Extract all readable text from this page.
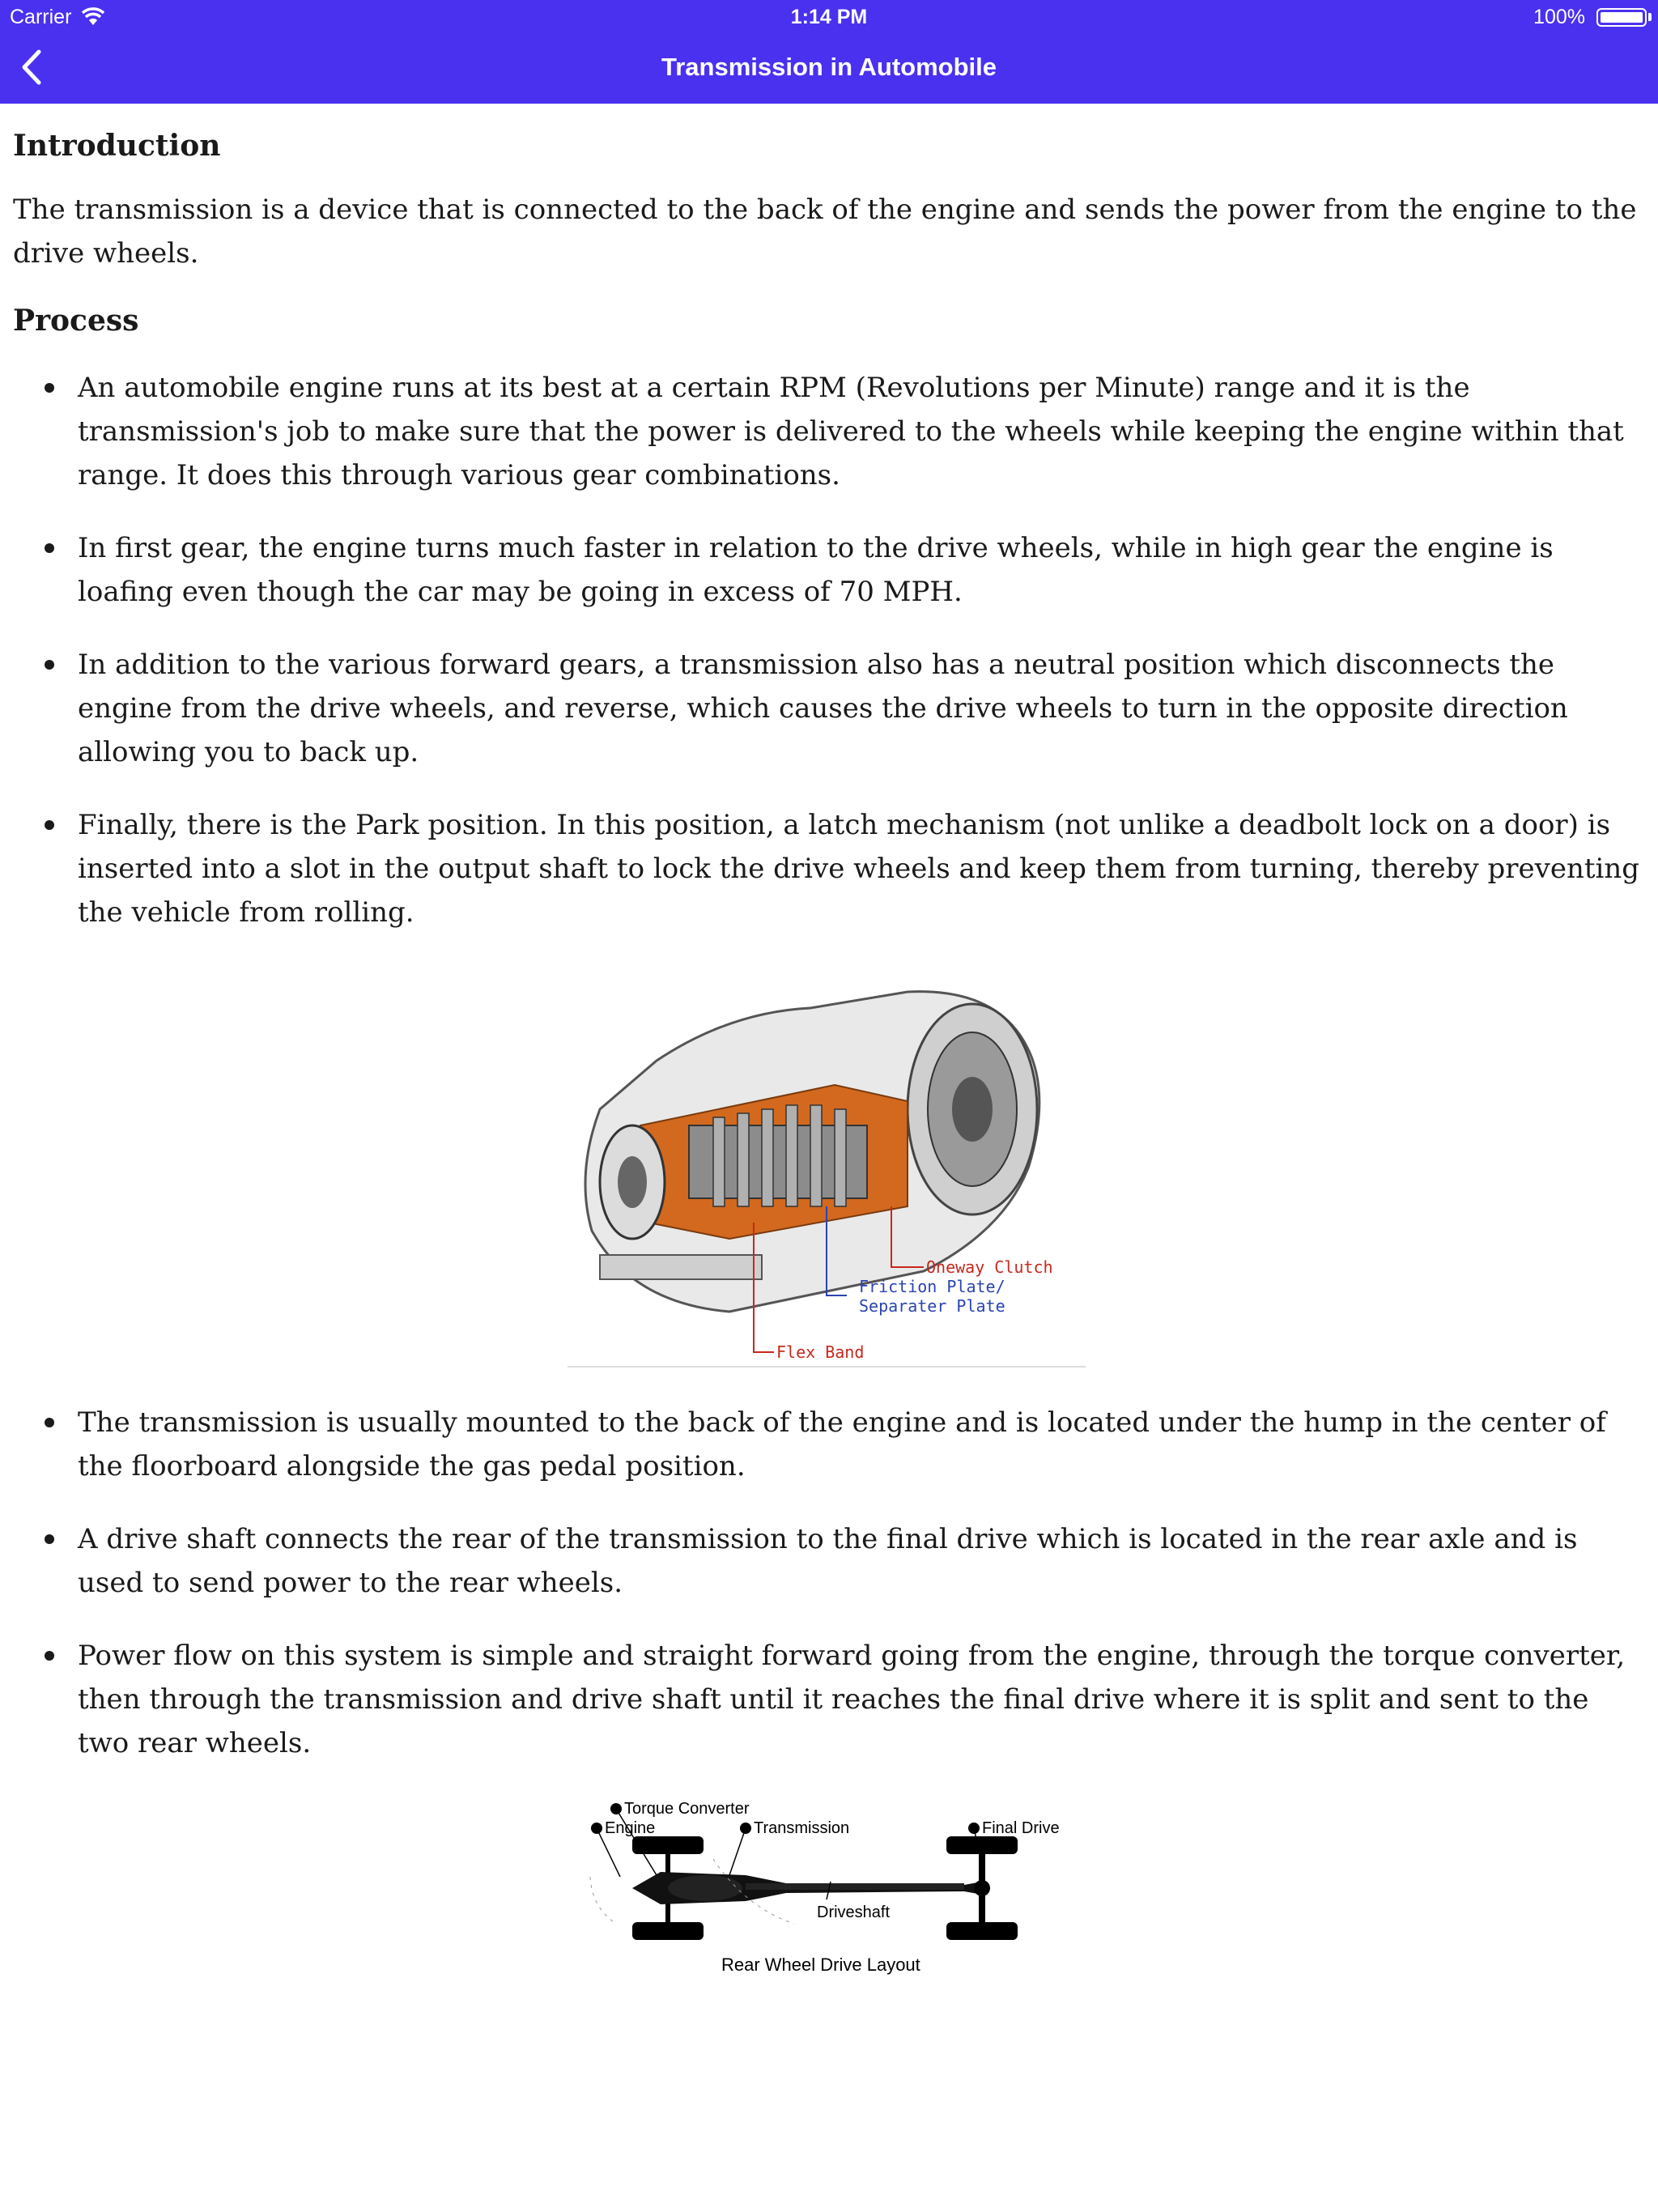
Carrier	1:14 PM	100%
Transmission in Automobile
Introduction

The transmission is a device that is connected to the back of the engine and sends the power from the engine to the drive wheels.

Process
An automobile engine runs at its best at a certain RPM (Revolutions per Minute) range and it is the transmission's job to make sure that the power is delivered to the wheels while keeping the engine within that range. It does this through various gear combinations.
In first gear, the engine turns much faster in relation to the drive wheels, while in high gear the engine is loafing even though the car may be going in excess of 70 MPH.
In addition to the various forward gears, a transmission also has a neutral position which disconnects the engine from the drive wheels, and reverse, which causes the drive wheels to turn in the opposite direction allowing you to back up.
Finally, there is the Park position. In this position, a latch mechanism (not unlike a deadbolt lock on a door) is inserted into a slot in the output shaft to lock the drive wheels and keep them from turning, thereby preventing the vehicle from rolling.
Oneway Clutch
Friction Plate/
Separater Plate
Flex Band
The transmission is usually mounted to the back of the engine and is located under the hump in the center of the floorboard alongside the gas pedal position.
A drive shaft connects the rear of the transmission to the final drive which is located in the rear axle and is used to send power to the rear wheels.
Power flow on this system is simple and straight forward going from the engine, through the torque converter, then through the transmission and drive shaft until it reaches the final drive where it is split and sent to the two rear wheels.
Torque Converter
Engine	Transmission	Final Drive
Driveshaft
Rear Wheel Drive Layout
